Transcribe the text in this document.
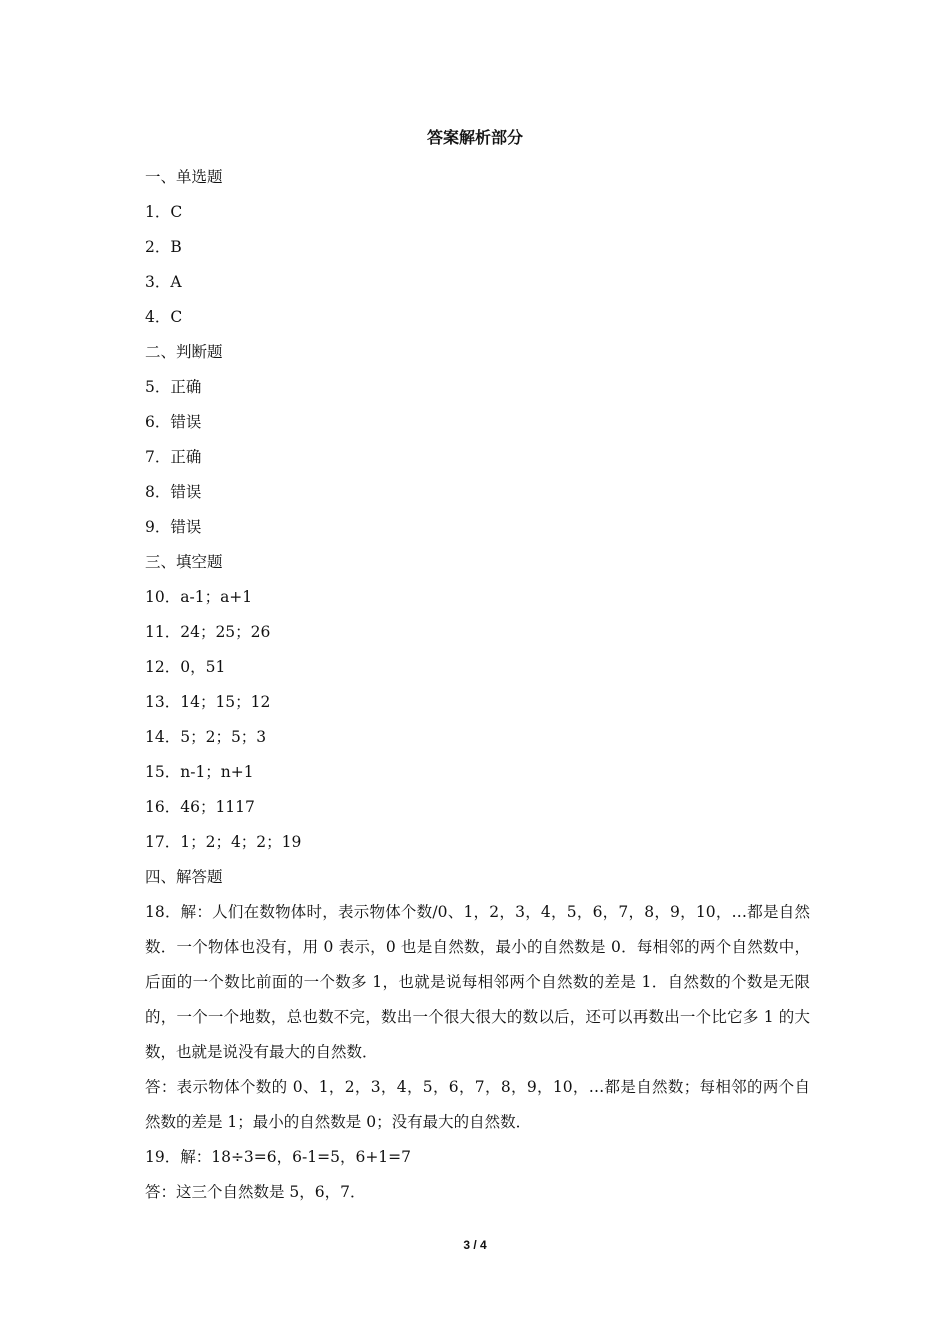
答案解析部分
一、单选题
1．C
2．B
3．A
4．C
二、判断题
5．正确
6．错误
7．正确
8．错误
9．错误
三、填空题
10．a-1；a+1
11．24；25；26
12．0，51
13．14；15；12
14．5；2；5；3
15．n-1；n+1
16．46；1117
17．1；2；4；2；19
四、解答题
18．解：人们在数物体时，表示物体个数/0、1，2，3，4，5，6，7，8，9，10，…都是自然数．一个物体也没有，用 0 表示，0 也是自然数，最小的自然数是 0．每相邻的两个自然数中，后面的一个数比前面的一个数多 1，也就是说每相邻两个自然数的差是 1．自然数的个数是无限的，一个一个地数，总也数不完，数出一个很大很大的数以后，还可以再数出一个比它多 1 的大数，也就是说没有最大的自然数．
答：表示物体个数的 0、1，2，3，4，5，6，7，8，9，10，…都是自然数；每相邻的两个自然数的差是 1；最小的自然数是 0；没有最大的自然数．
19．解：18÷3=6，6-1=5，6+1=7
答：这三个自然数是 5，6，7．
3 / 4
